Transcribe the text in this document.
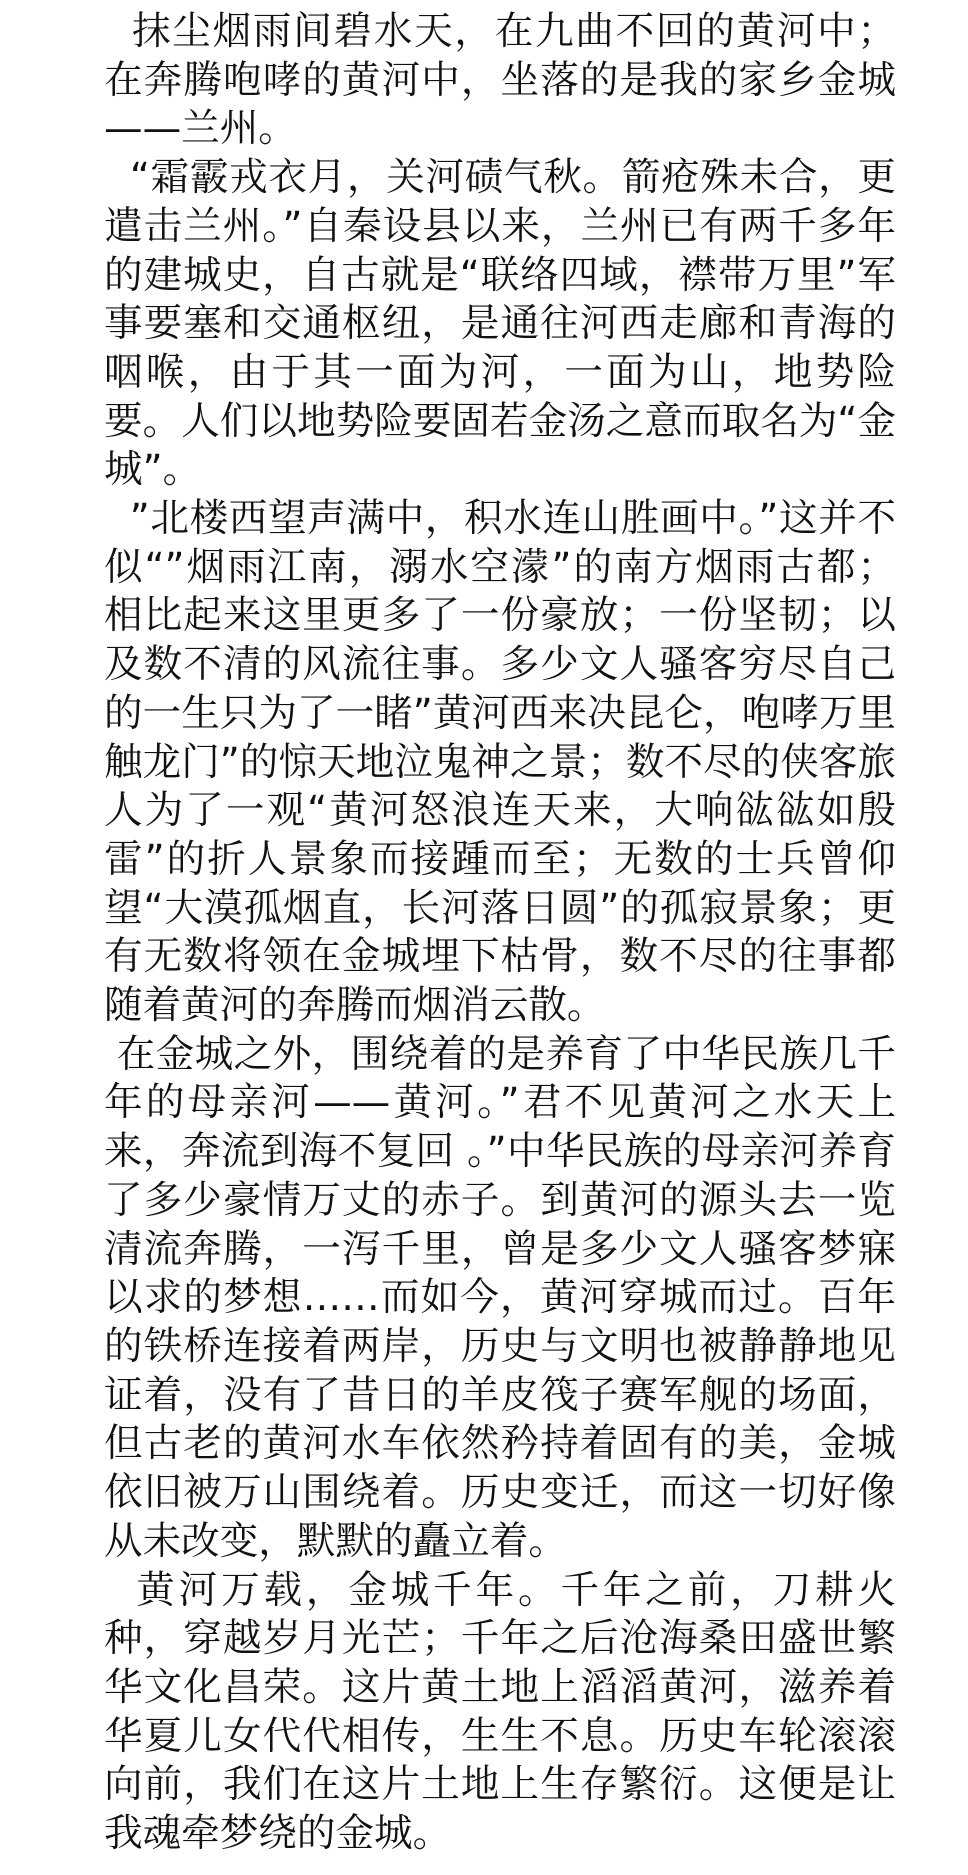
抹尘烟雨间碧水天，在九曲不回的黄河中；在奔腾咆哮的黄河中，坐落的是我的家乡金城——兰州。

“霜霰戎衣月，关河碛气秋。箭疮殊未合，更遣击兰州。”自秦设县以来，兰州已有两千多年的建城史，自古就是“联络四域，襟带万里”军事要塞和交通枢纽，是通往河西走廊和青海的咽喉，由于其一面为河，一面为山，地势险要。人们以地势险要固若金汤之意而取名为“金城”。

”北楼西望声满中，积水连山胜画中。”这并不似“”烟雨江南，溺水空濛”的南方烟雨古都；相比起来这里更多了一份豪放；一份坚韧；以及数不清的风流往事。多少文人骚客穷尽自己的一生只为了一睹”黄河西来决昆仑，咆哮万里触龙门”的惊天地泣鬼神之景；数不尽的侠客旅人为了一观“黄河怒浪连天来，大响谹谹如殷雷”的折人景象而接踵而至；无数的士兵曾仰望“大漠孤烟直，长河落日圆”的孤寂景象；更有无数将领在金城埋下枯骨，数不尽的往事都随着黄河的奔腾而烟消云散。

在金城之外，围绕着的是养育了中华民族几千年的母亲河——黄河。”君不见黄河之水天上来，奔流到海不复回 。”中华民族的母亲河养育了多少豪情万丈的赤子。到黄河的源头去一览清流奔腾，一泻千里，曾是多少文人骚客梦寐以求的梦想……而如今，黄河穿城而过。百年的铁桥连接着两岸，历史与文明也被静静地见证着，没有了昔日的羊皮筏子赛军舰的场面，但古老的黄河水车依然矜持着固有的美，金城依旧被万山围绕着。历史变迁，而这一切好像从未改变，默默的矗立着。

黄河万载，金城千年。千年之前，刀耕火种，穿越岁月光芒；千年之后沧海桑田盛世繁华文化昌荣。这片黄土地上滔滔黄河，滋养着华夏儿女代代相传，生生不息。历史车轮滚滚向前，我们在这片土地上生存繁衍。这便是让我魂牵梦绕的金城。
